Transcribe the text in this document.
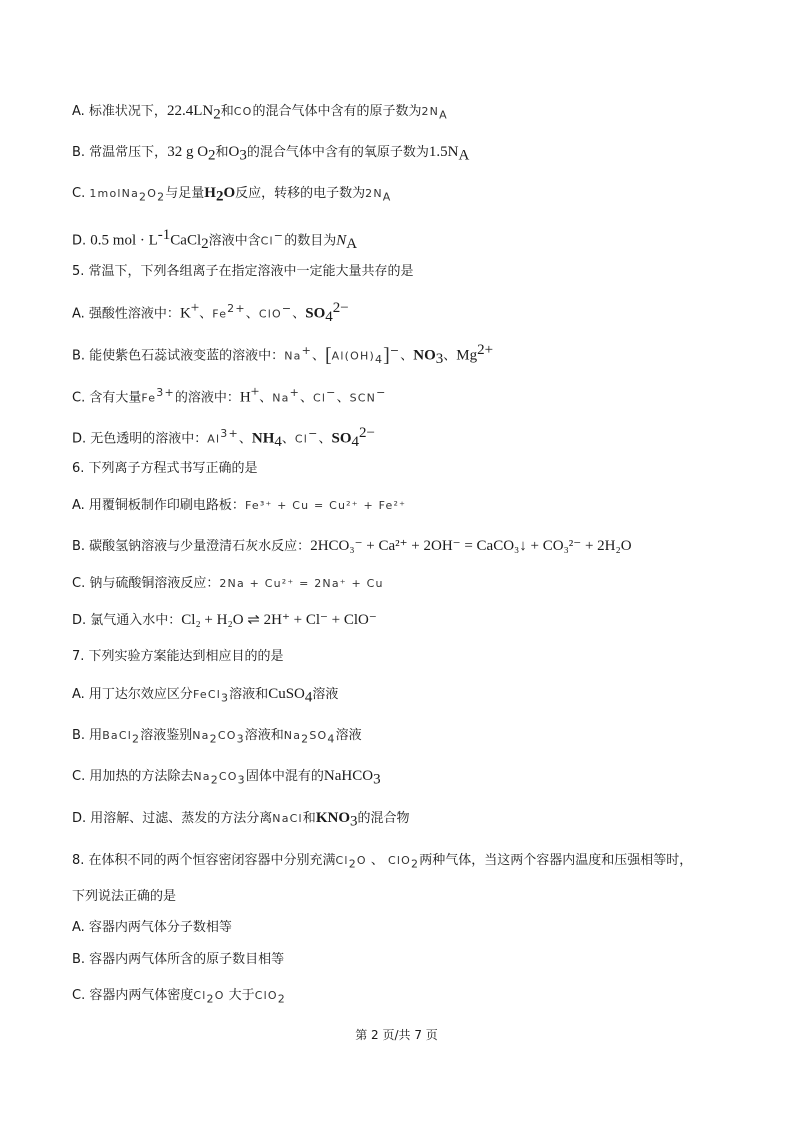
A. 标准状况下，$22.4LN_2$和CO的混合气体中含有的原子数为$2N_A$
B. 常温常压下，32 g $O_2$和$O_3$的混合气体中含有的氧原子数为$1.5N_A$
C. $1molNa_2O_2$与足量$H_2O$反应，转移的电子数为$2N_A$
D. 0.5 mol · $L^{-1}CaCl_2$溶液中含Cl−的数目为$N_A$
5. 常温下，下列各组离子在指定溶液中一定能大量共存的是
A. 强酸性溶液中：K+、$Fe^{2+}$、ClO−、$SO_4^{2-}$
B. 能使紫色石蕊试液变蓝的溶液中：Na+、$[Al(OH)_4]^-$、$NO_3$、$Mg^{2+}$
C. 含有大量$Fe^{3+}$的溶液中：H+、Na+、Cl−、SCN−
D. 无色透明的溶液中：$Al^{3+}$、$NH_4$、Cl−、$SO_4^{2-}$
6. 下列离子方程式书写正确的是
A. 用覆铜板制作印刷电路板：Fe³⁺ + Cu = Cu²⁺ + Fe²⁺
B. 碳酸氢钠溶液与少量澄清石灰水反应：2HCO₃⁻ + Ca²⁺ + 2OH⁻ = CaCO₃↓ + CO₃²⁻ + 2H₂O
C. 钠与硫酸铜溶液反应：2Na + Cu²⁺ = 2Na⁺ + Cu
D. 氯气通入水中：Cl₂ + H₂O ⇌ 2H⁺ + Cl⁻ + ClO⁻
7. 下列实验方案能达到相应目的的是
A. 用丁达尔效应区分FeCl$_3$溶液和CuSO$_4$溶液
B. 用BaCl$_2$溶液鉴别$Na_2CO_3$溶液和$Na_2SO_4$溶液
C. 用加热的方法除去$Na_2CO_3$固体中混有的NaHCO$_3$
D. 用溶解、过滤、蒸发的方法分离NaCl和$KNO_3$的混合物
8. 在体积不同的两个恒容密闭容器中分别充满$Cl_2O$ 、 ClO$_2$两种气体，当这两个容器内温度和压强相等时，
下列说法正确的是
A. 容器内两气体分子数相等
B. 容器内两气体所含的原子数目相等
C. 容器内两气体密度$Cl_2O$ 大于ClO$_2$
第 2 页/共 7 页
